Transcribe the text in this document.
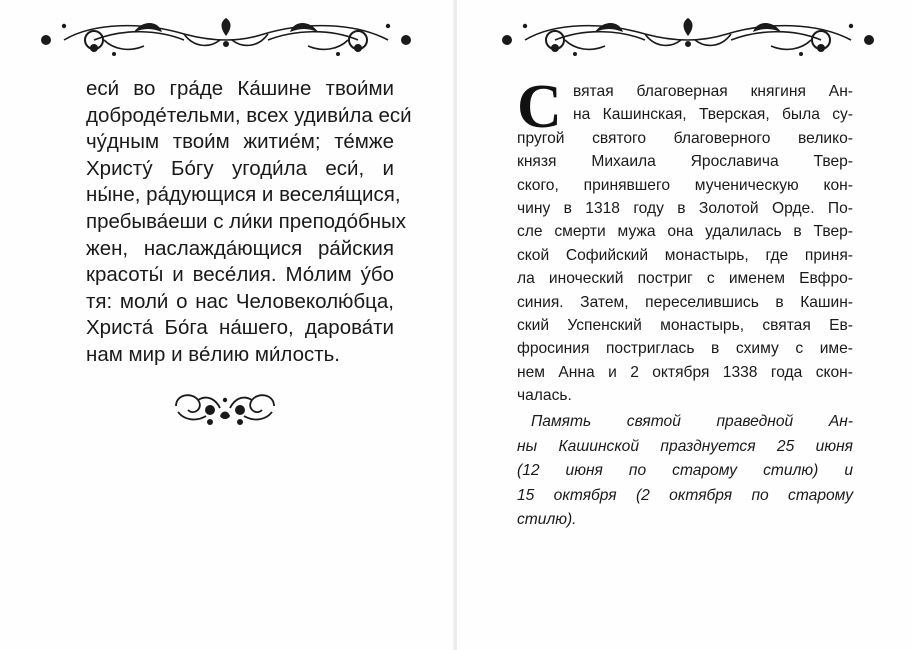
еси́ во гра́де Ка́шине твои́ми
доброде́тельми, всех удиви́ла еси́
чу́дным твои́м житие́м; те́мже
Христу́ Бо́гу угоди́ла еси́, и
ны́не, ра́дующися и веселя́щися,
пребыва́еши с ли́ки преподо́бных
жен, наслажда́ющися ра́йския
красоты́ и весе́лия. Мо́лим у́бо
тя: моли́ о нас Человеколю́бца,
Христа́ Бо́га на́шего, дарова́ти
нам мир и ве́лию ми́лость.
С вятая благоверная княгиня Ан-
на Кашинская, Тверская, была су-
пругой святого благоверного велико-
князя Михаила Ярославича Твер-
ского, принявшего мученическую кон-
чину в 1318 году в Золотой Орде. По-
сле смерти мужа она удалилась в Твер-
ской Софийский монастырь, где приня-
ла иноческий постриг с именем Евфро-
синия. Затем, переселившись в Кашин-
ский Успенский монастырь, святая Ев-
фросиния постриглась в схиму с име-
нем Анна и 2 октября 1338 года скон-
чалась.
Память святой праведной Ан-
ны Кашинской празднуется 25 июня
(12 июня по старому стилю) и
15 октября (2 октября по старому
стилю).
